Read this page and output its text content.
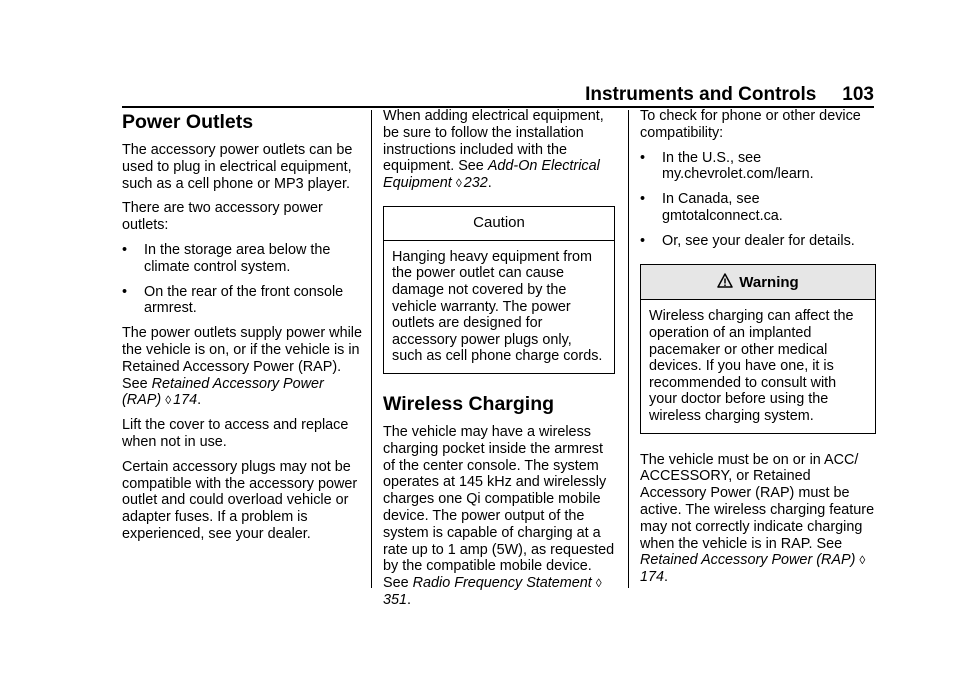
Instruments and Controls 103
Power Outlets

The accessory power outlets can be used to plug in electrical equipment, such as a cell phone or MP3 player.

There are two accessory power outlets:

• In the storage area below the climate control system.
• On the rear of the front console armrest.

The power outlets supply power while the vehicle is on, or if the vehicle is in Retained Accessory Power (RAP). See Retained Accessory Power (RAP) ◊ 174.

Lift the cover to access and replace when not in use.

Certain accessory plugs may not be compatible with the accessory power outlet and could overload vehicle or adapter fuses. If a problem is experienced, see your dealer.

When adding electrical equipment, be sure to follow the installation instructions included with the equipment. See Add-On Electrical Equipment ◊ 232.

Caution
Hanging heavy equipment from the power outlet can cause damage not covered by the vehicle warranty. The power outlets are designed for accessory power plugs only, such as cell phone charge cords.
Wireless Charging

The vehicle may have a wireless charging pocket inside the armrest of the center console. The system operates at 145 kHz and wirelessly charges one Qi compatible mobile device. The power output of the system is capable of charging at a rate up to 1 amp (5W), as requested by the compatible mobile device. See Radio Frequency Statement ◊351.

To check for phone or other device compatibility:

• In the U.S., see my.chevrolet.com/learn.
• In Canada, see gmtotalconnect.ca.
• Or, see your dealer for details.
Warning
Wireless charging can affect the operation of an implanted pacemaker or other medical devices. If you have one, it is recommended to consult with your doctor before using the wireless charging system.

The vehicle must be on or in ACC/ ACCESSORY, or Retained Accessory Power (RAP) must be active. The wireless charging feature may not correctly indicate charging when the vehicle is in RAP. See Retained Accessory Power (RAP) ◊174.
